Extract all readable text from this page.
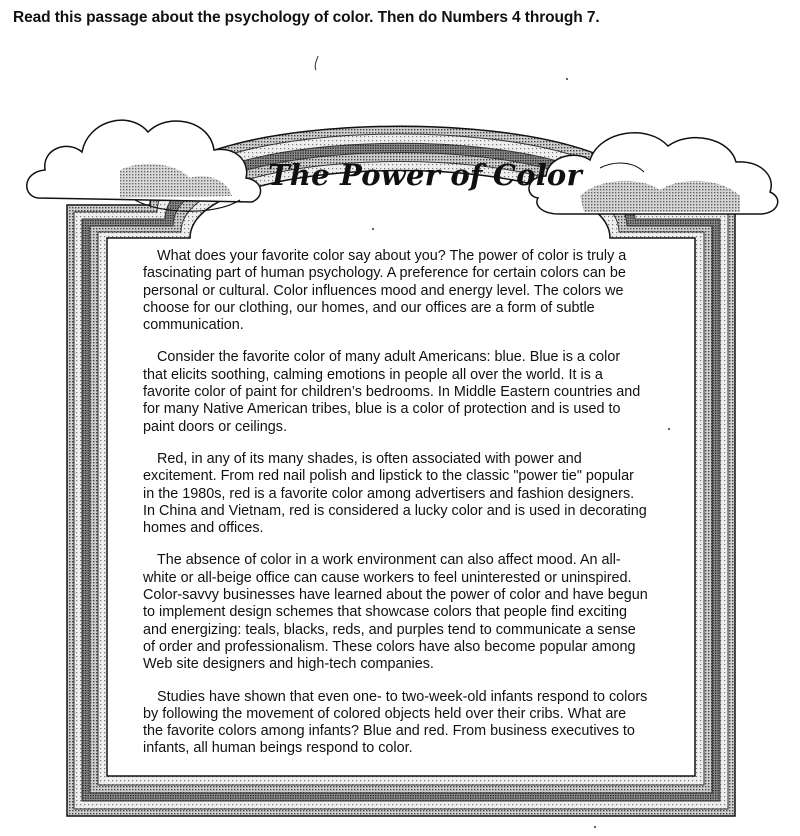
Read this passage about the psychology of color. Then do Numbers 4 through 7.
The Power of Color

What does your favorite color say about you? The power of color is truly a fascinating part of human psychology. A preference for certain colors can be personal or cultural. Color influences mood and energy level. The colors we choose for our clothing, our homes, and our offices are a form of subtle communication.

Consider the favorite color of many adult Americans: blue. Blue is a color that elicits soothing, calming emotions in people all over the world. It is a favorite color of paint for children’s bedrooms. In Middle Eastern countries and for many Native American tribes, blue is a color of protection and is used to paint doors or ceilings.

Red, in any of its many shades, is often associated with power and excitement. From red nail polish and lipstick to the classic "power tie" popular in the 1980s, red is a favorite color among advertisers and fashion designers. In China and Vietnam, red is considered a lucky color and is used in decorating homes and offices.

The absence of color in a work environment can also affect mood. An all-white or all-beige office can cause workers to feel uninterested or uninspired. Color-savvy businesses have learned about the power of color and have begun to implement design schemes that showcase colors that people find exciting and energizing: teals, blacks, reds, and purples tend to communicate a sense of order and professionalism. These colors have also become popular among Web site designers and high-tech companies.

Studies have shown that even one- to two-week-old infants respond to colors by following the movement of colored objects held over their cribs. What are the favorite colors among infants? Blue and red. From business executives to infants, all human beings respond to color.
